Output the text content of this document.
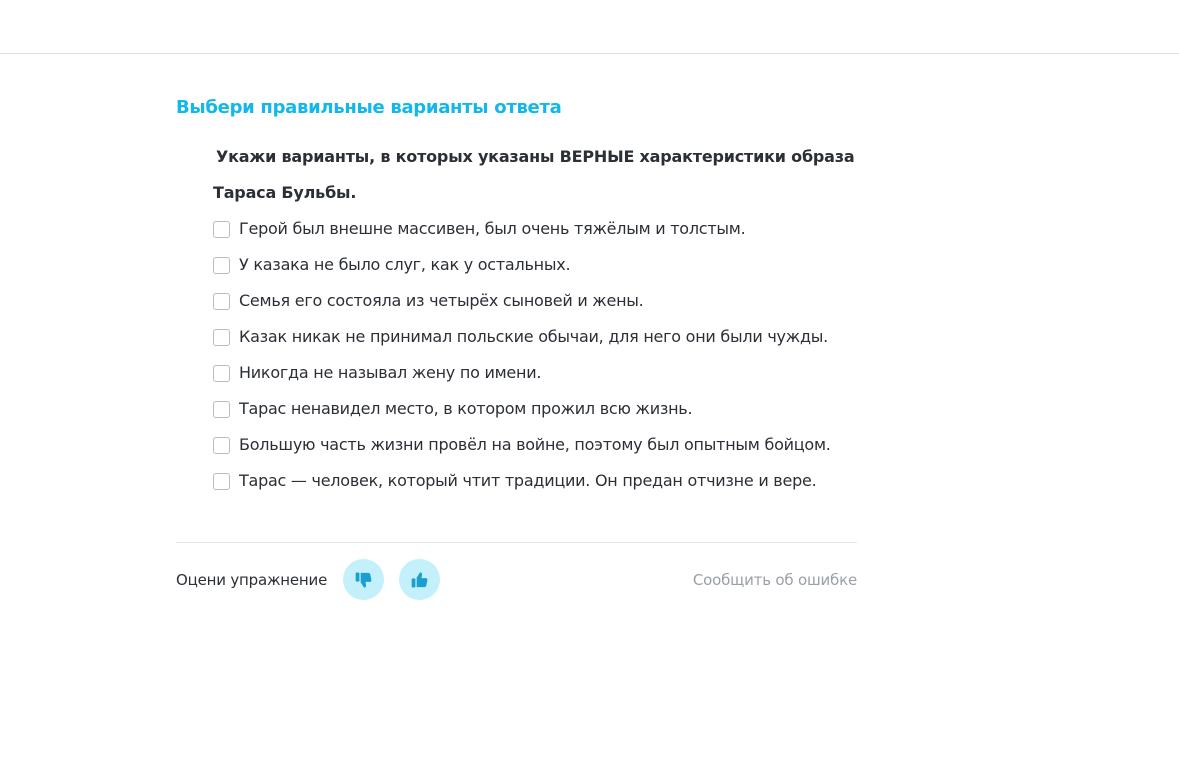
Выбери правильные варианты ответа
Укажи варианты, в которых указаны ВЕРНЫЕ характеристики образа
Тараса Бульбы.
Герой был внешне массивен, был очень тяжёлым и толстым.
У казака не было слуг, как у остальных.
Семья его состояла из четырёх сыновей и жены.
Казак никак не принимал польские обычаи, для него они были чужды.
Никогда не называл жену по имени.
Тарас ненавидел место, в котором прожил всю жизнь.
Большую часть жизни провёл на войне, поэтому был опытным бойцом.
Тарас — человек, который чтит традиции. Он предан отчизне и вере.
Оцени упражнение	Сообщить об ошибке
